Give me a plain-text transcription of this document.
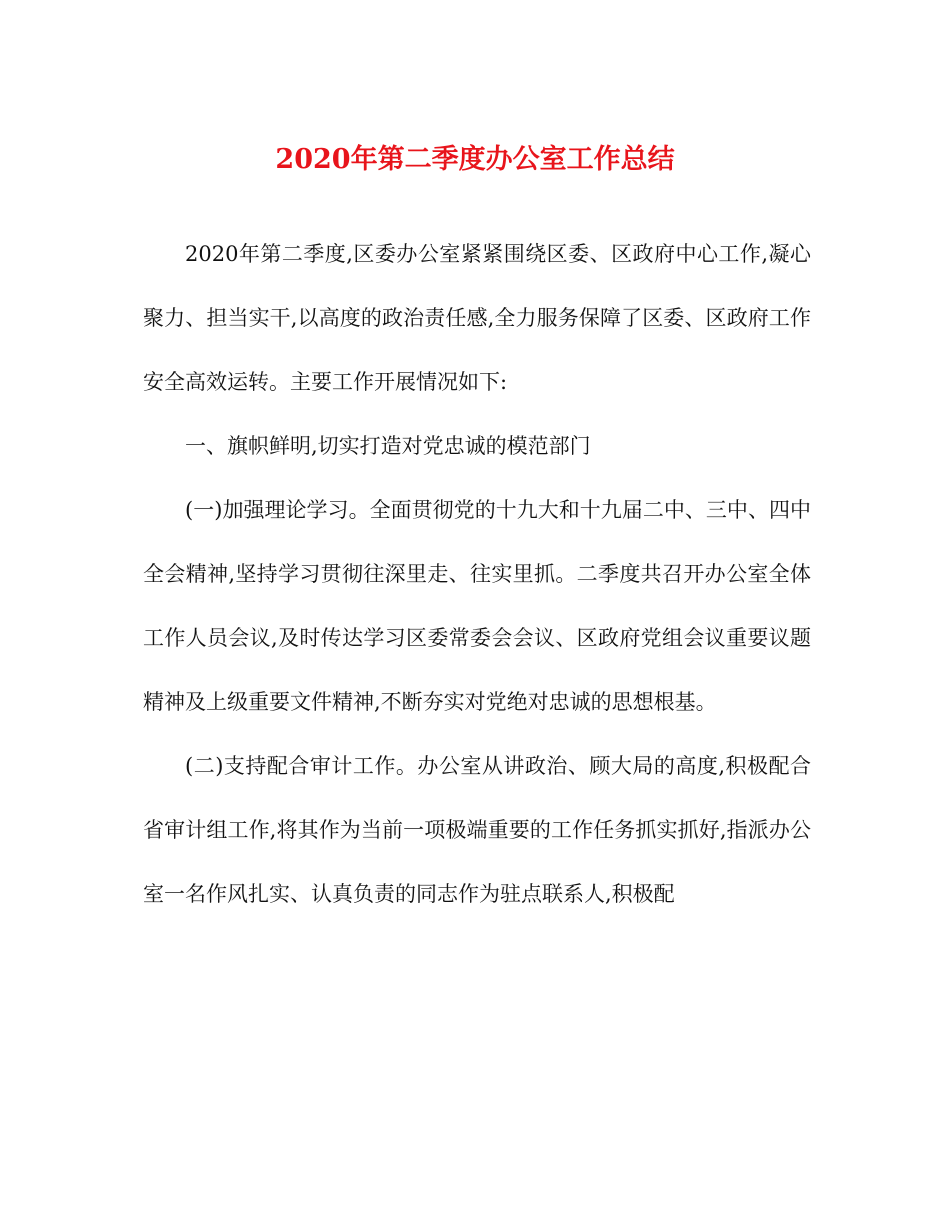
2020年第二季度办公室工作总结

2020年第二季度,区委办公室紧紧围绕区委、区政府中心工作,凝心聚力、担当实干,以高度的政治责任感,全力服务保障了区委、区政府工作安全高效运转。主要工作开展情况如下:

一、旗帜鲜明,切实打造对党忠诚的模范部门

(一)加强理论学习。全面贯彻党的十九大和十九届二中、三中、四中全会精神,坚持学习贯彻往深里走、往实里抓。二季度共召开办公室全体工作人员会议,及时传达学习区委常委会会议、区政府党组会议重要议题精神及上级重要文件精神,不断夯实对党绝对忠诚的思想根基。

(二)支持配合审计工作。办公室从讲政治、顾大局的高度,积极配合省审计组工作,将其作为当前一项极端重要的工作任务抓实抓好,指派办公室一名作风扎实、认真负责的同志作为驻点联系人,积极配
